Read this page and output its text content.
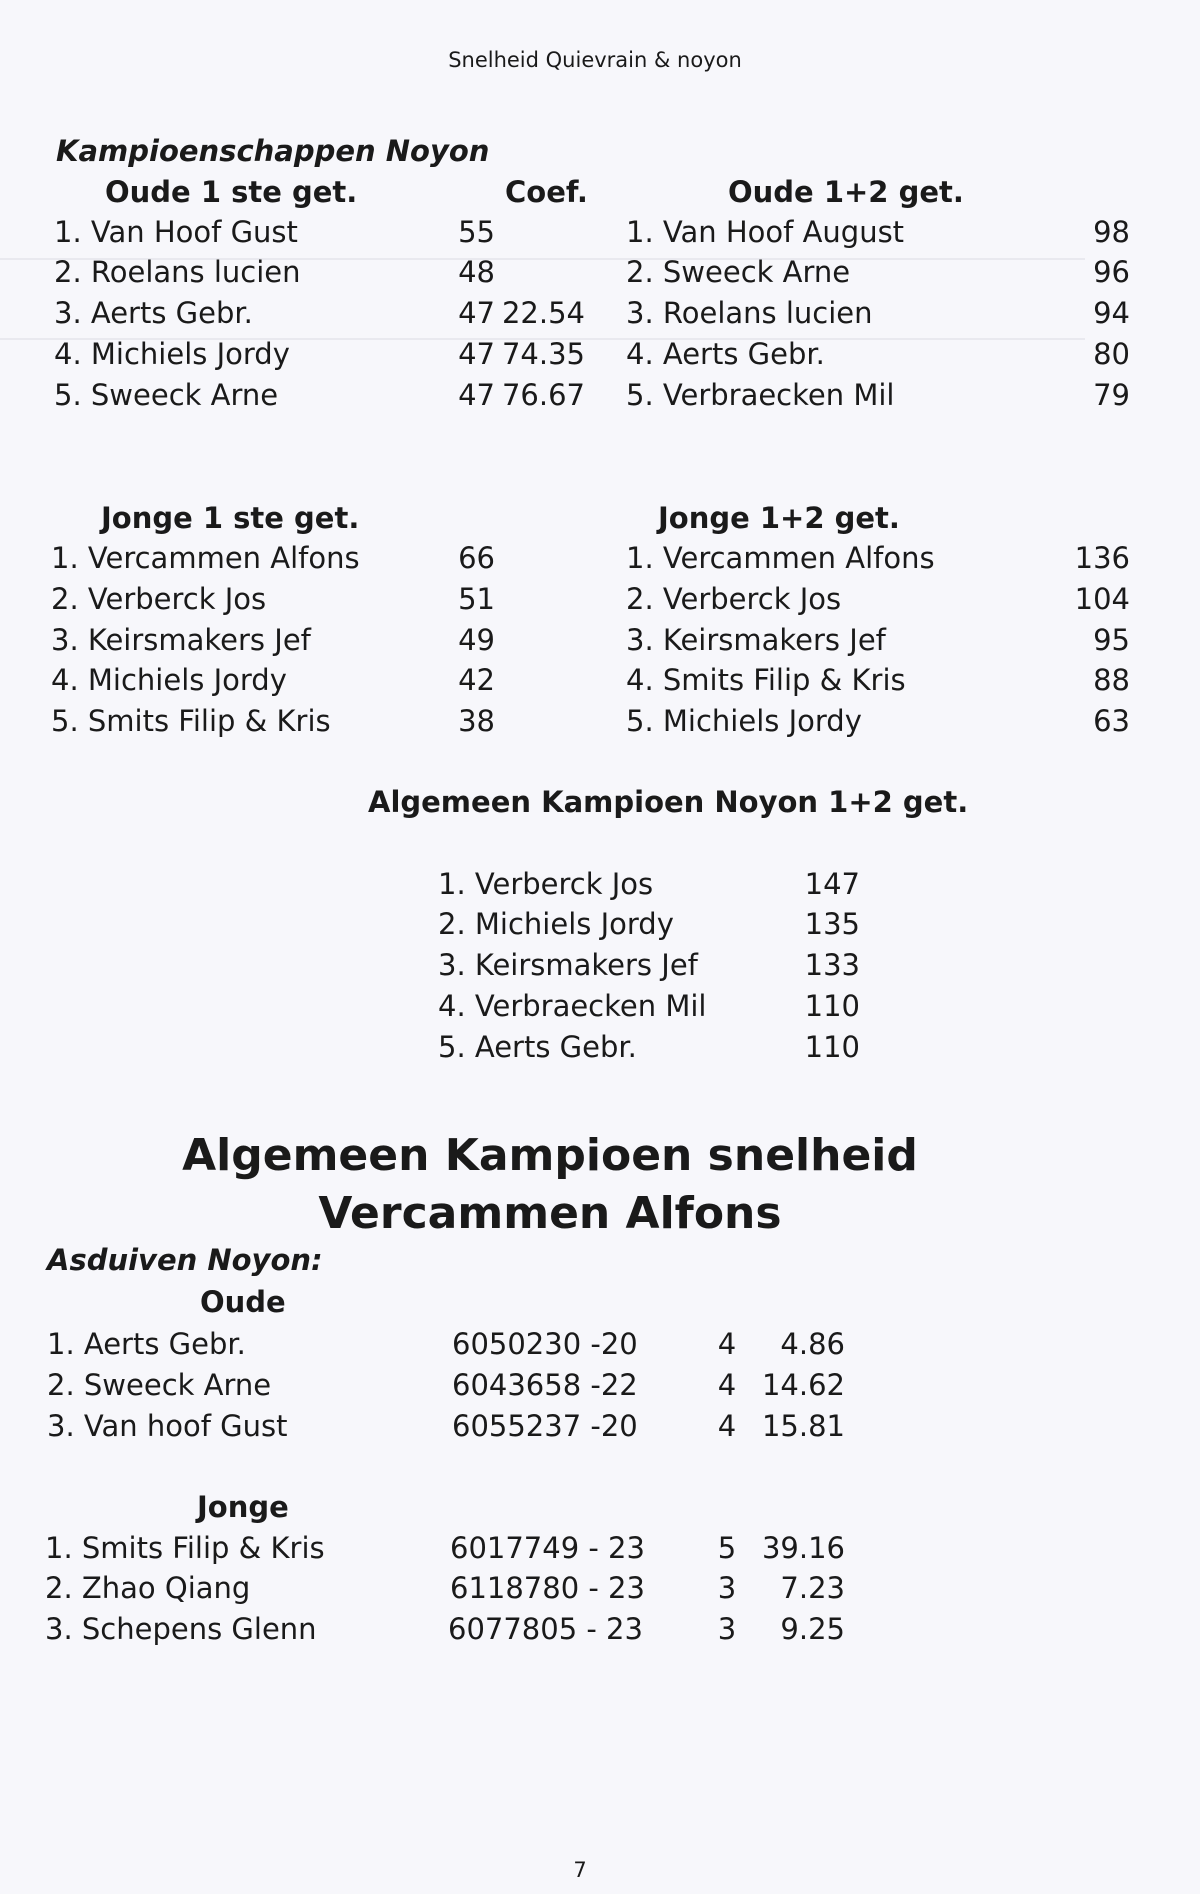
Snelheid Quievrain & noyon
Kampioenschappen Noyon
Oude 1 ste get.	Coef.
1. Van Hoof Gust	55
2. Roelans lucien	48
3. Aerts Gebr.	47 22.54
4. Michiels Jordy	47 74.35
5. Sweeck Arne	47 76.67
Oude 1+2 get.
1. Van Hoof August	98
2. Sweeck Arne	96
3. Roelans lucien	94
4. Aerts Gebr.	80
5. Verbraecken Mil	79
Jonge 1 ste get.
1. Vercammen Alfons	66
2. Verberck Jos	51
3. Keirsmakers Jef	49
4. Michiels Jordy	42
5. Smits Filip & Kris	38
Jonge 1+2 get.
1. Vercammen Alfons	136
2. Verberck Jos	104
3. Keirsmakers Jef	95
4. Smits Filip & Kris	88
5. Michiels Jordy	63
Algemeen Kampioen Noyon 1+2 get.
1. Verberck Jos	147
2. Michiels Jordy	135
3. Keirsmakers Jef	133
4. Verbraecken Mil	110
5. Aerts Gebr.	110
Algemeen Kampioen snelheid
Vercammen Alfons
Asduiven Noyon:
Oude
1. Aerts Gebr.	6050230 -20	4	4.86
2. Sweeck Arne	6043658 -22	4 14.62
3. Van hoof Gust	6055237 -20	4 15.81
Jonge
1. Smits Filip & Kris	6017749 - 23	5 39.16
2. Zhao Qiang	6118780 - 23	3	7.23
3. Schepens Glenn	6077805 - 23	3	9.25
7
